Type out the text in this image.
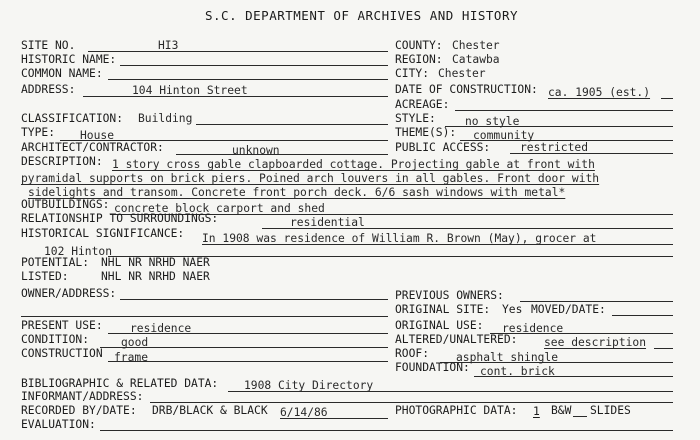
S.C. DEPARTMENT OF ARCHIVES AND HISTORY
SITE NO.	HI3
HISTORIC NAME:
COMMON NAME:
ADDRESS:	104 Hinton Street
COUNTY: Chester
REGION: Catawba
CITY: Chester
DATE OF CONSTRUCTION: ca. 1905 (est.)
ACREAGE:
CLASSIFICATION: Building
TYPE: House
ARCHITECT/CONTRACTOR:	unknown
STYLE:	no style
THEME(S): community
PUBLIC ACCESS:	restricted
DESCRIPTION: 1 story cross gable clapboarded cottage. Projecting gable at front with
pyramidal supports on brick piers. Poined arch louvers in all gables. Front door with
sidelights and transom. Concrete front porch deck. 6/6 sash windows with metal*
OUTBUILDINGS: concrete block carport and shed
RELATIONSHIP TO SURROUNDINGS:	residential
HISTORICAL SIGNIFICANCE: In 1908 was residence of William R. Brown (May), grocer at
102 Hinton
POTENTIAL: NHL NR NRHD NAER
LISTED:	NHL NR NRHD NAER
OWNER/ADDRESS:	PREVIOUS OWNERS:
ORIGINAL SITE: Yes MOVED/DATE:
PRESENT USE: residence	ORIGINAL USE: residence
CONDITION:	good	ALTERED/UNALTERED: see description
CONSTRUCTION frame	ROOF: asphalt shingle
FOUNDATION: cont. brick
BIBLIOGRAPHIC & RELATED DATA: 1908 City Directory
INFORMANT/ADDRESS:
RECORDED BY/DATE: DRB/BLACK & BLACK 6/14/86	PHOTOGRAPHIC DATA: 1 B&W SLIDES
EVALUATION:
